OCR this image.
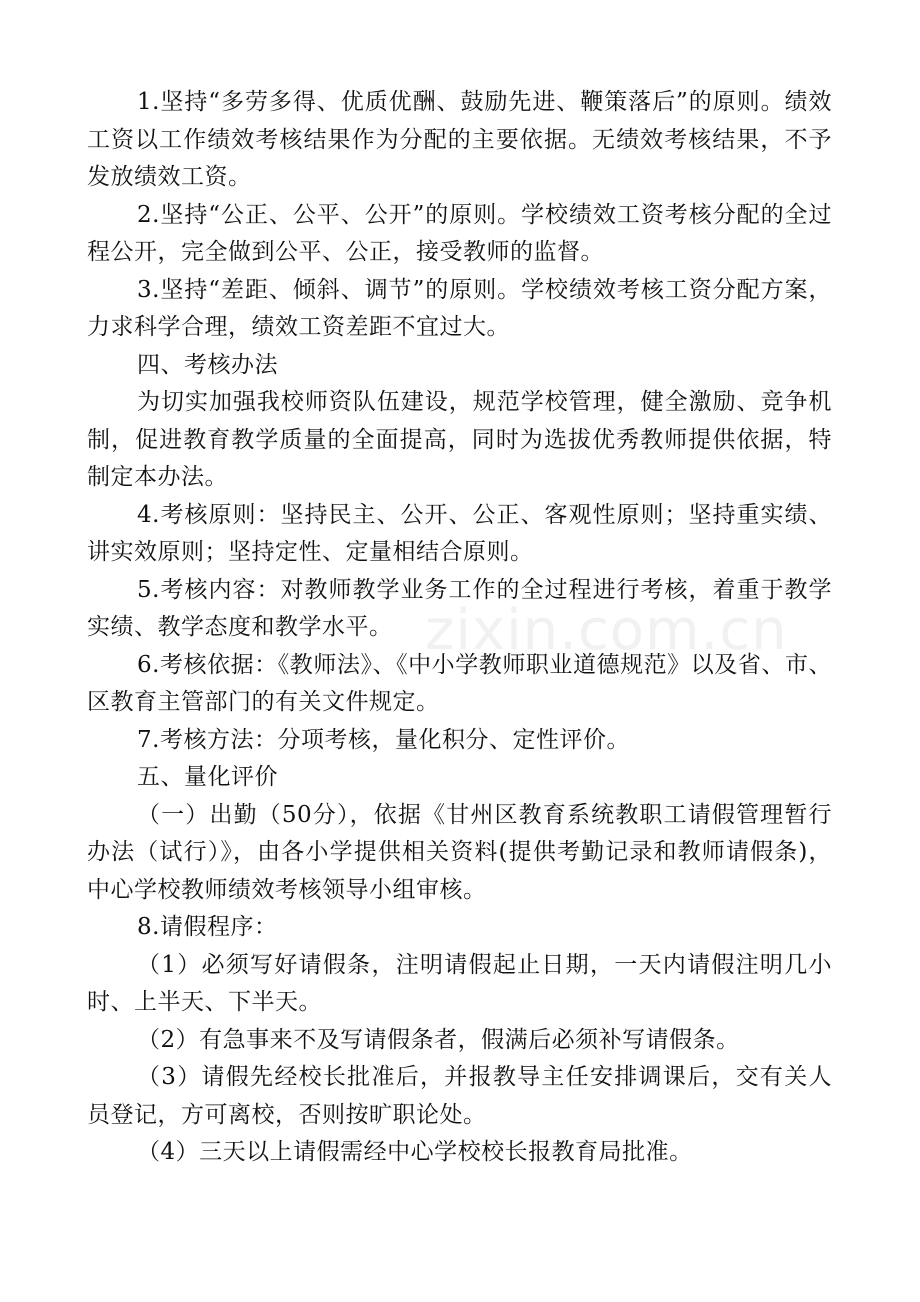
1.坚持“多劳多得、优质优酬、鼓励先进、鞭策落后”的原则。绩效工资以工作绩效考核结果作为分配的主要依据。无绩效考核结果，不予发放绩效工资。

2.坚持“公正、公平、公开”的原则。学校绩效工资考核分配的全过程公开，完全做到公平、公正，接受教师的监督。

3.坚持“差距、倾斜、调节”的原则。学校绩效考核工资分配方案，力求科学合理，绩效工资差距不宜过大。

四、考核办法

为切实加强我校师资队伍建设，规范学校管理，健全激励、竞争机制，促进教育教学质量的全面提高，同时为选拔优秀教师提供依据，特制定本办法。

4.考核原则：坚持民主、公开、公正、客观性原则；坚持重实绩、讲实效原则；坚持定性、定量相结合原则。

5.考核内容：对教师教学业务工作的全过程进行考核，着重于教学实绩、教学态度和教学水平。

6.考核依据：《教师法》、《中小学教师职业道德规范》以及省、市、区教育主管部门的有关文件规定。

7.考核方法：分项考核，量化积分、定性评价。

五、量化评价

（一）出勤（50分），依据《甘州区教育系统教职工请假管理暂行办法（试行）》，由各小学提供相关资料(提供考勤记录和教师请假条)，中心学校教师绩效考核领导小组审核。

8.请假程序：

（1）必须写好请假条，注明请假起止日期，一天内请假注明几小时、上半天、下半天。

（2）有急事来不及写请假条者，假满后必须补写请假条。

（3）请假先经校长批准后，并报教导主任安排调课后，交有关人员登记，方可离校，否则按旷职论处。

（4）三天以上请假需经中心学校校长报教育局批准。

zixin.com.cn
